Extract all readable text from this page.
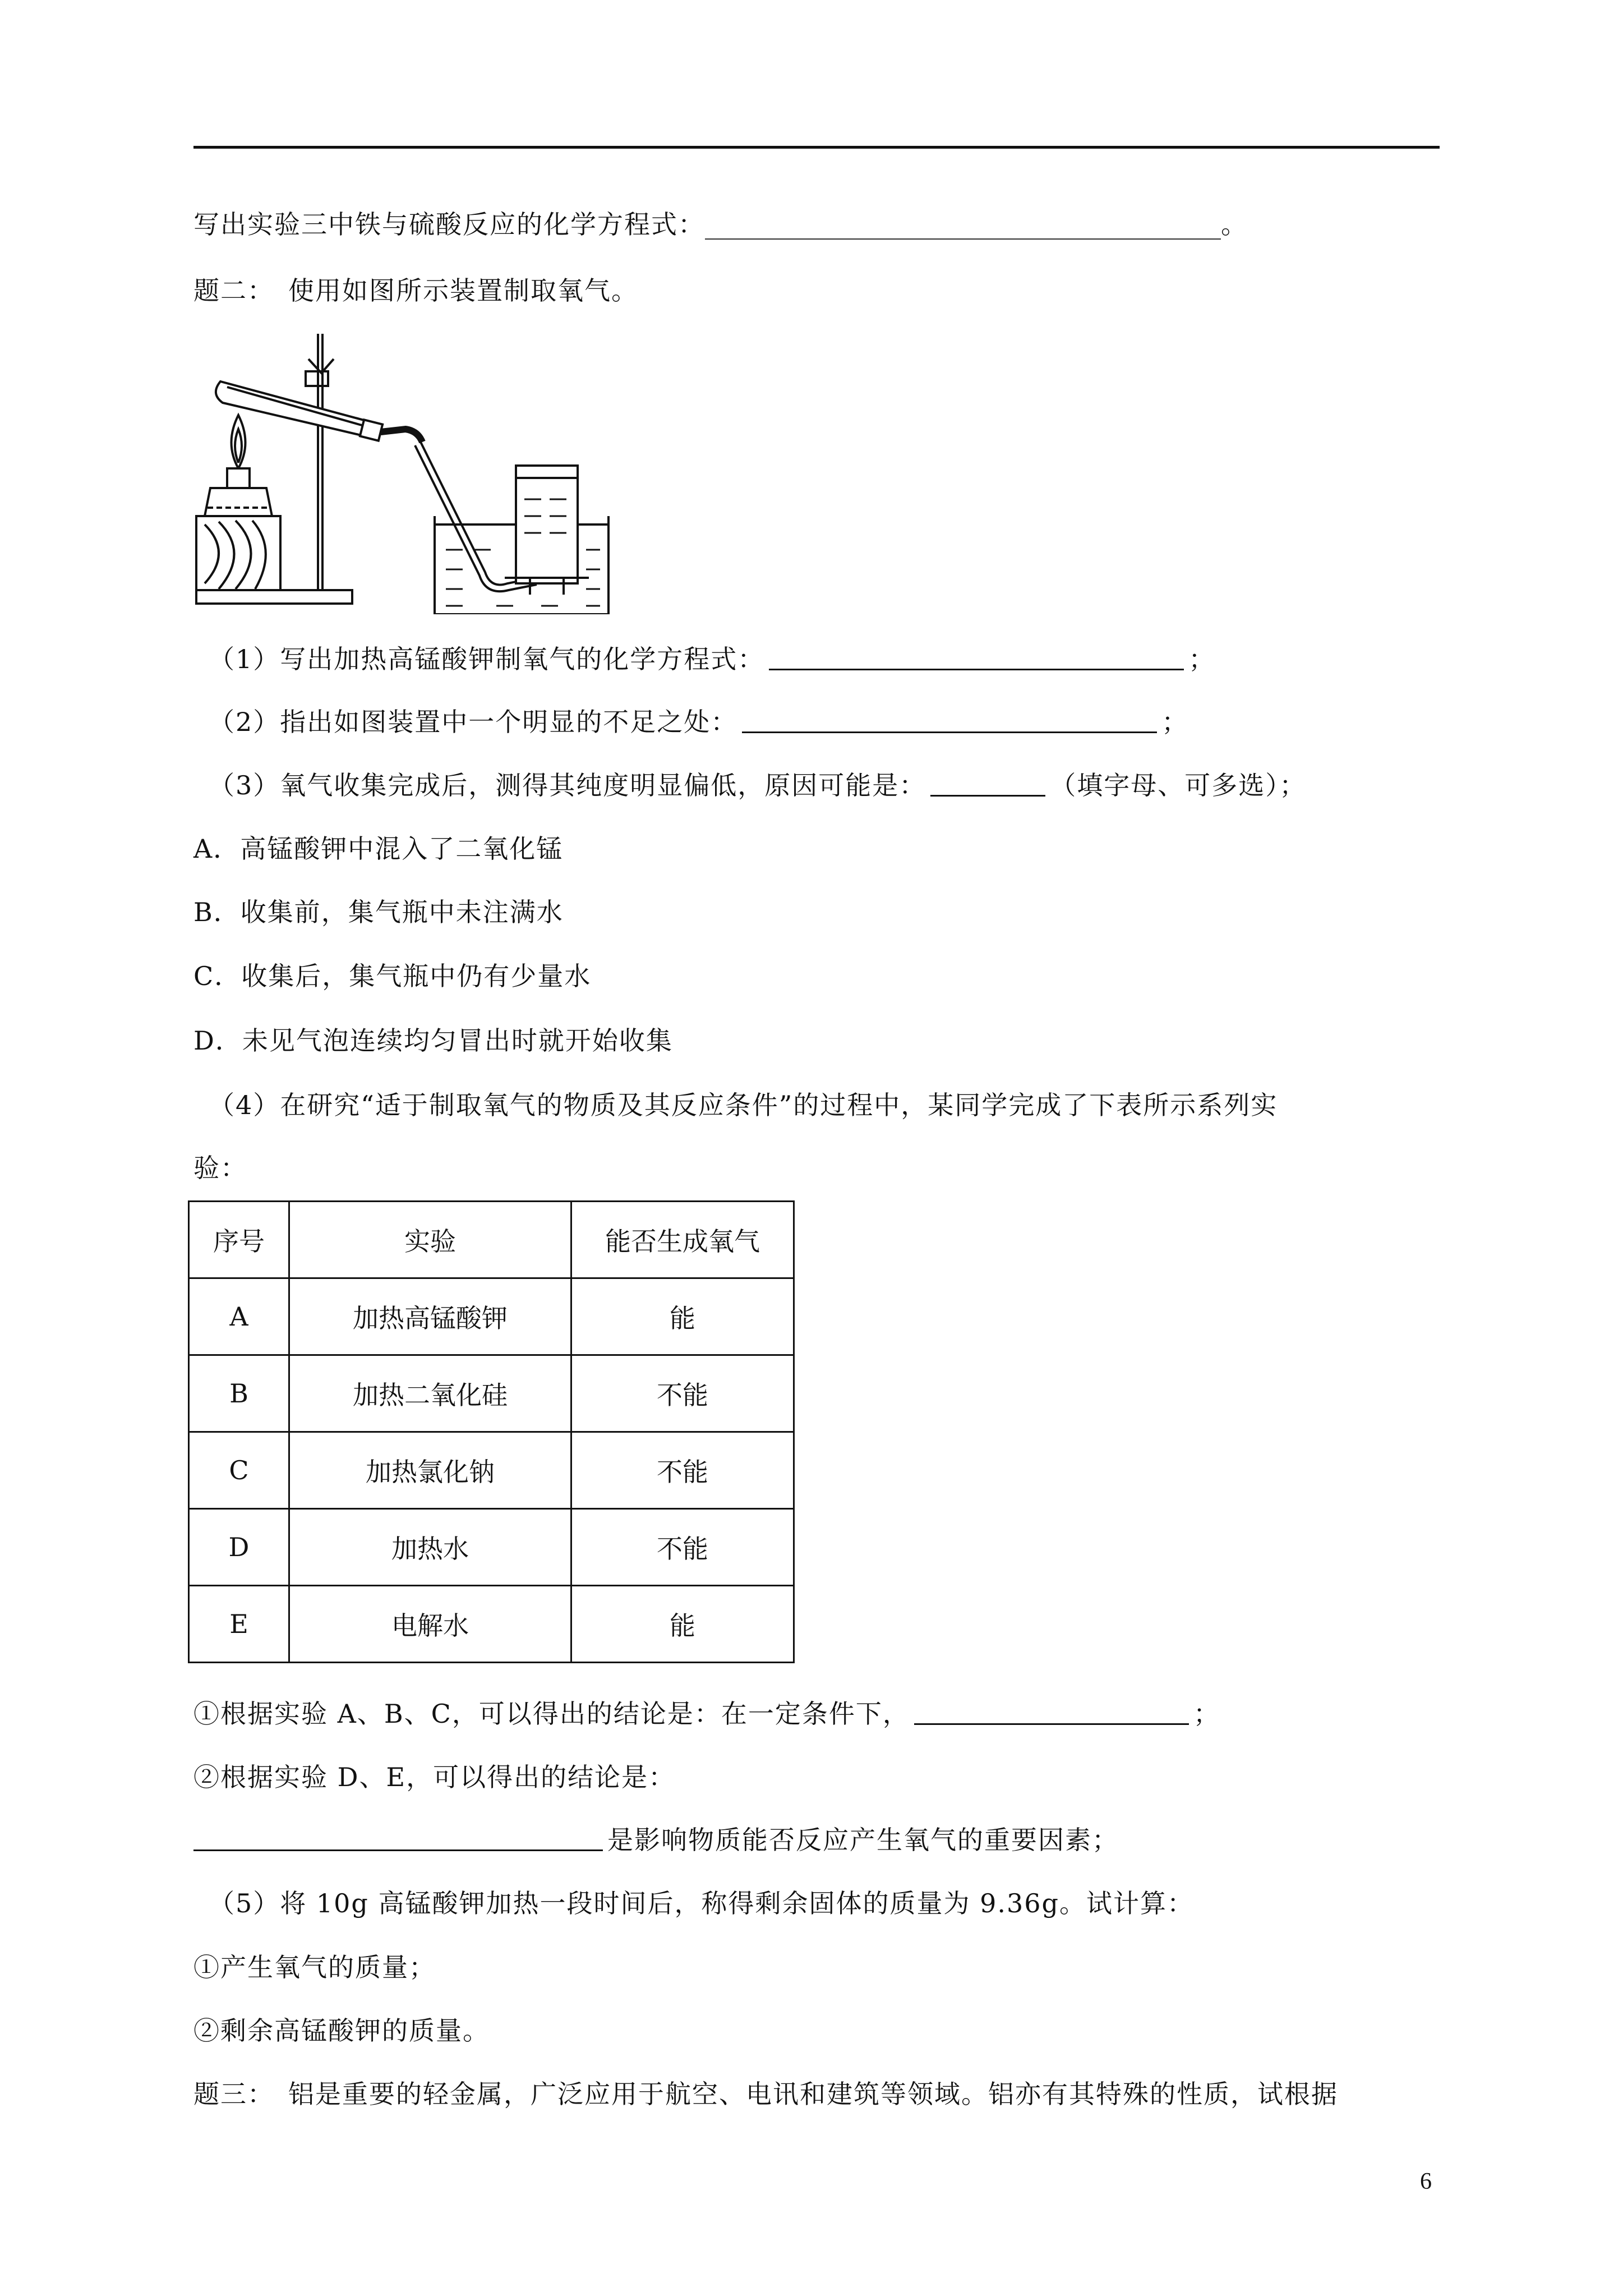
写出实验三中铁与硫酸反应的化学方程式：________________________________________。
题二：　使用如图所示装置制取氧气。
（1）写出加热高锰酸钾制氧气的化学方程式：	；
（2）指出如图装置中一个明显的不足之处：	；
（3）氧气收集完成后，测得其纯度明显偏低，原因可能是：	（填字母、可多选）；
A．高锰酸钾中混入了二氧化锰
B．收集前，集气瓶中未注满水
C．收集后，集气瓶中仍有少量水
D．未见气泡连续均匀冒出时就开始收集
（4）在研究“适于制取氧气的物质及其反应条件”的过程中，某同学完成了下表所示系列实
验：
序号	实验	能否生成氧气
A	加热高锰酸钾	能
B	加热二氧化硅	不能
C	加热氯化钠	不能
D	加热水	不能
E	电解水	能
①根据实验 A、B、C，可以得出的结论是：在一定条件下，	；
②根据实验 D、E，可以得出的结论是：
是影响物质能否反应产生氧气的重要因素；
（5）将 10g 高锰酸钾加热一段时间后，称得剩余固体的质量为 9.36g。试计算：
①产生氧气的质量；
②剩余高锰酸钾的质量。
题三：　铝是重要的轻金属，广泛应用于航空、电讯和建筑等领域。铝亦有其特殊的性质，试根据
6
